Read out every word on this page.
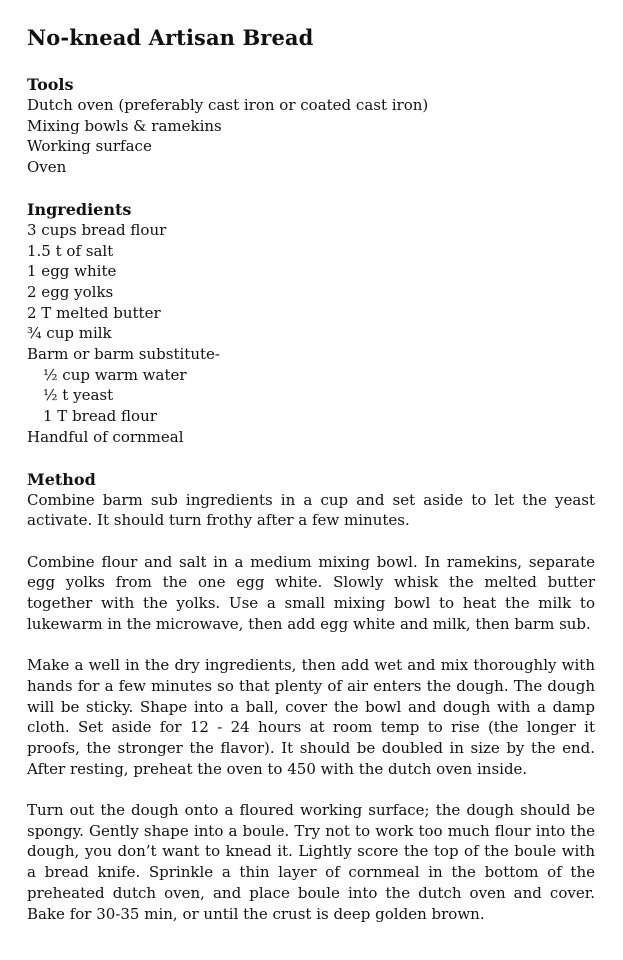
No-knead Artisan Bread
Tools
Dutch oven (preferably cast iron or coated cast iron)
Mixing bowls & ramekins
Working surface
Oven
Ingredients
3 cups bread flour
1.5 t of salt
1 egg white
2 egg yolks
2 T melted butter
¾ cup milk
Barm or barm substitute-
½ cup warm water
½ t yeast
1 T bread flour
Handful of cornmeal
Method

Combine barm sub ingredients in a cup and set aside to let the yeast activate. It should turn frothy after a few minutes.

Combine flour and salt in a medium mixing bowl. In ramekins, separate egg yolks from the one egg white. Slowly whisk the melted butter together with the yolks. Use a small mixing bowl to heat the milk to lukewarm in the microwave, then add egg white and milk, then barm sub.

Make a well in the dry ingredients, then add wet and mix thoroughly with hands for a few minutes so that plenty of air enters the dough. The dough will be sticky. Shape into a ball, cover the bowl and dough with a damp cloth. Set aside for 12 - 24 hours at room temp to rise (the longer it proofs, the stronger the flavor). It should be doubled in size by the end. After resting, preheat the oven to 450 with the dutch oven inside.

Turn out the dough onto a floured working surface; the dough should be spongy. Gently shape into a boule. Try not to work too much flour into the dough, you don’t want to knead it. Lightly score the top of the boule with a bread knife. Sprinkle a thin layer of cornmeal in the bottom of the preheated dutch oven, and place boule into the dutch oven and cover. Bake for 30-35 min, or until the crust is deep golden brown.
